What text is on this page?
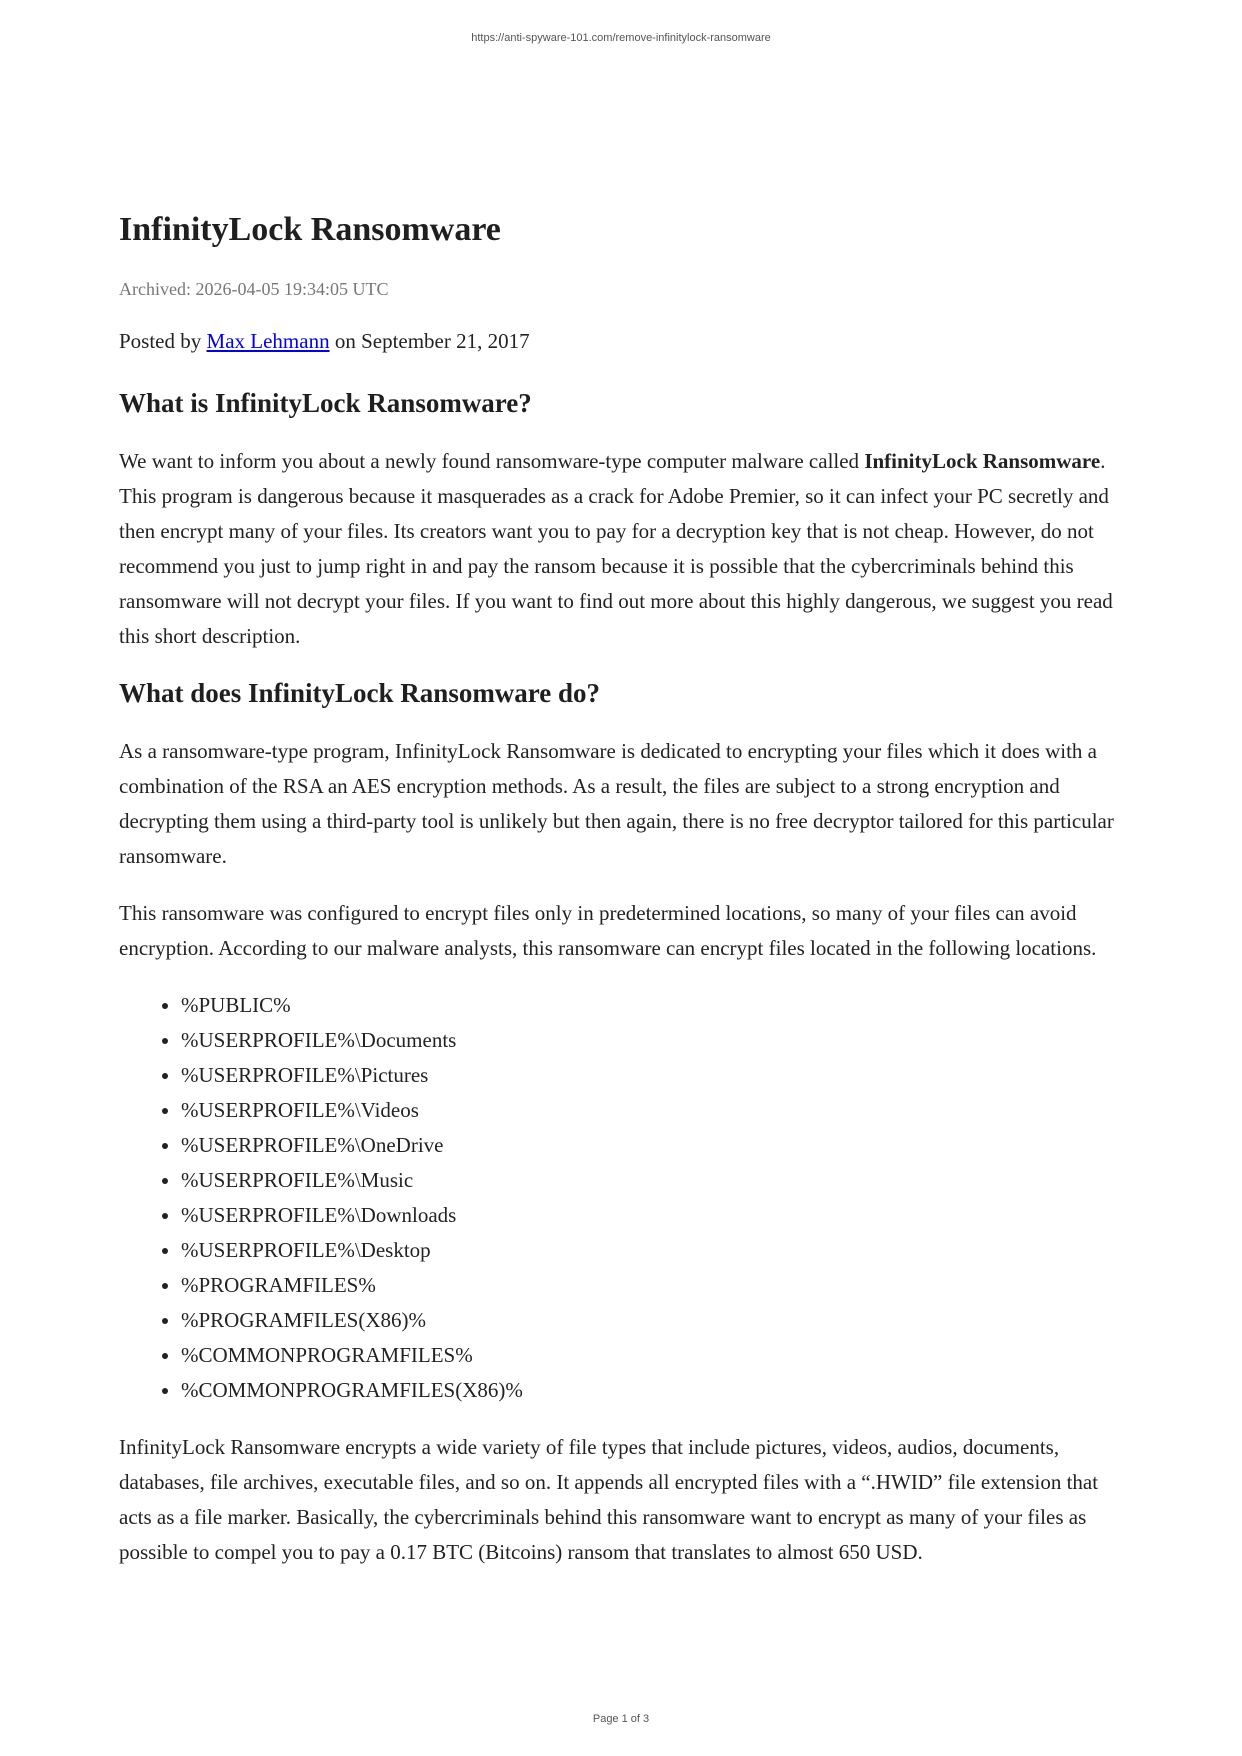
https://anti-spyware-101.com/remove-infinitylock-ransomware
InfinityLock Ransomware
Archived: 2026-04-05 19:34:05 UTC
Posted by Max Lehmann on September 21, 2017
What is InfinityLock Ransomware?

We want to inform you about a newly found ransomware-type computer malware called InfinityLock Ransomware. This program is dangerous because it masquerades as a crack for Adobe Premier, so it can infect your PC secretly and then encrypt many of your files. Its creators want you to pay for a decryption key that is not cheap. However, do not recommend you just to jump right in and pay the ransom because it is possible that the cybercriminals behind this ransomware will not decrypt your files. If you want to find out more about this highly dangerous, we suggest you read this short description.

What does InfinityLock Ransomware do?

As a ransomware-type program, InfinityLock Ransomware is dedicated to encrypting your files which it does with a combination of the RSA an AES encryption methods. As a result, the files are subject to a strong encryption and decrypting them using a third-party tool is unlikely but then again, there is no free decryptor tailored for this particular ransomware.

This ransomware was configured to encrypt files only in predetermined locations, so many of your files can avoid encryption. According to our malware analysts, this ransomware can encrypt files located in the following locations.

• %PUBLIC%
• %USERPROFILE%\Documents
• %USERPROFILE%\Pictures
• %USERPROFILE%\Videos
• %USERPROFILE%\OneDrive
• %USERPROFILE%\Music
• %USERPROFILE%\Downloads
• %USERPROFILE%\Desktop
• %PROGRAMFILES%
• %PROGRAMFILES(X86)%
• %COMMONPROGRAMFILES%
• %COMMONPROGRAMFILES(X86)%

InfinityLock Ransomware encrypts a wide variety of file types that include pictures, videos, audios, documents, databases, file archives, executable files, and so on. It appends all encrypted files with a “.HWID” file extension that acts as a file marker. Basically, the cybercriminals behind this ransomware want to encrypt as many of your files as possible to compel you to pay a 0.17 BTC (Bitcoins) ransom that translates to almost 650 USD.

Page 1 of 3
